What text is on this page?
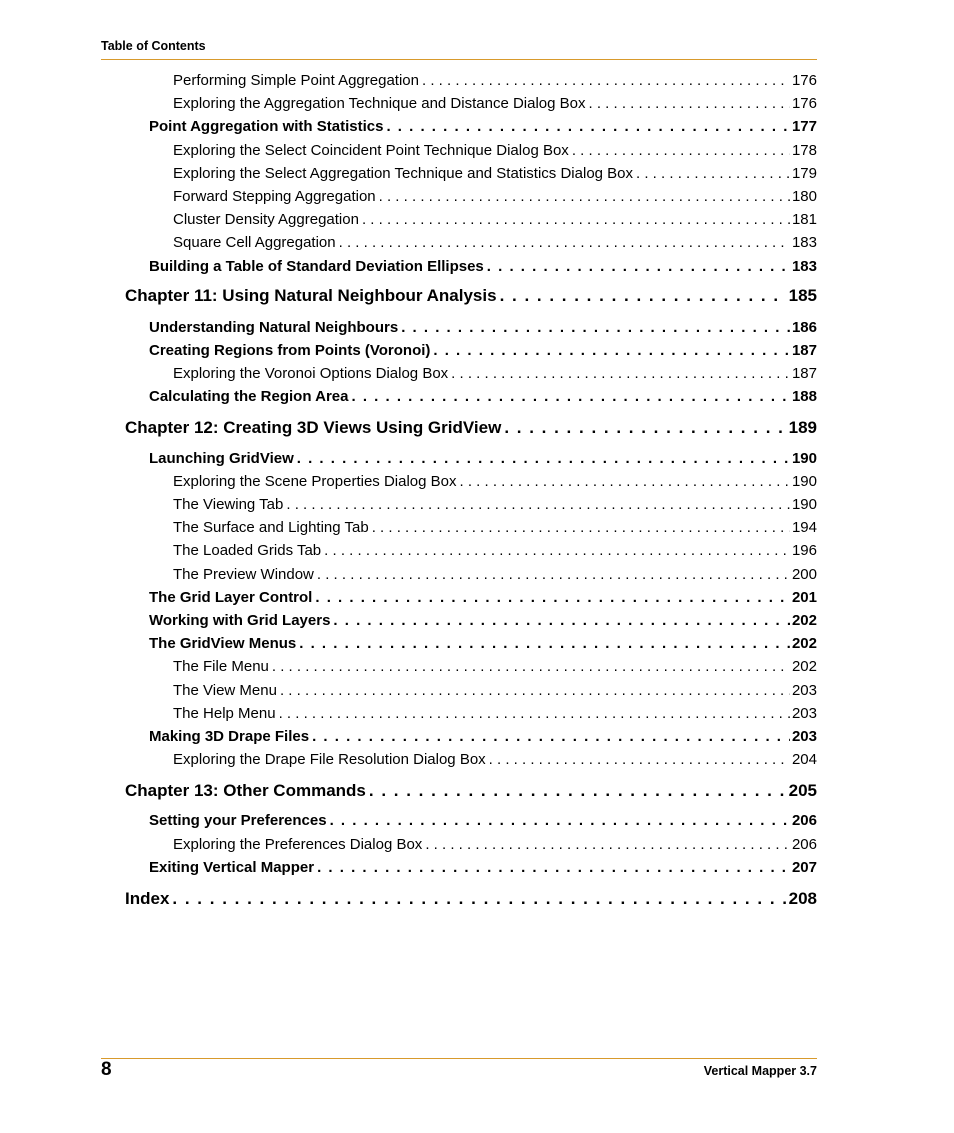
Table of Contents
Performing Simple Point Aggregation . . .	176
Exploring the Aggregation Technique and Distance Dialog Box . . .	176
Point Aggregation with Statistics . . .	177
Exploring the Select Coincident Point Technique Dialog Box . . .	178
Exploring the Select Aggregation Technique and Statistics Dialog Box . . .	179
Forward Stepping Aggregation . . .	180
Cluster Density Aggregation . . .	181
Square Cell Aggregation . . .	183
Building a Table of Standard Deviation Ellipses . . .	183
Chapter 11: Using Natural Neighbour Analysis . . .	185
Understanding Natural Neighbours . . .	186
Creating Regions from Points (Voronoi) . . .	187
Exploring the Voronoi Options Dialog Box . . .	187
Calculating the Region Area . . .	188
Chapter 12: Creating 3D Views Using GridView . . .	189
Launching GridView . . .	190
Exploring the Scene Properties Dialog Box . . .	190
The Viewing Tab . . .	190
The Surface and Lighting Tab . . .	194
The Loaded Grids Tab . . .	196
The Preview Window . . .	200
The Grid Layer Control . . .	201
Working with Grid Layers . . .	202
The GridView Menus . . .	202
The File Menu . . .	202
The View Menu . . .	203
The Help Menu . . .	203
Making 3D Drape Files . . .	203
Exploring the Drape File Resolution Dialog Box . . .	204
Chapter 13: Other Commands . . .	205
Setting your Preferences . . .	206
Exploring the Preferences Dialog Box . . .	206
Exiting Vertical Mapper . . .	207
Index . . .	208
8	Vertical Mapper 3.7
